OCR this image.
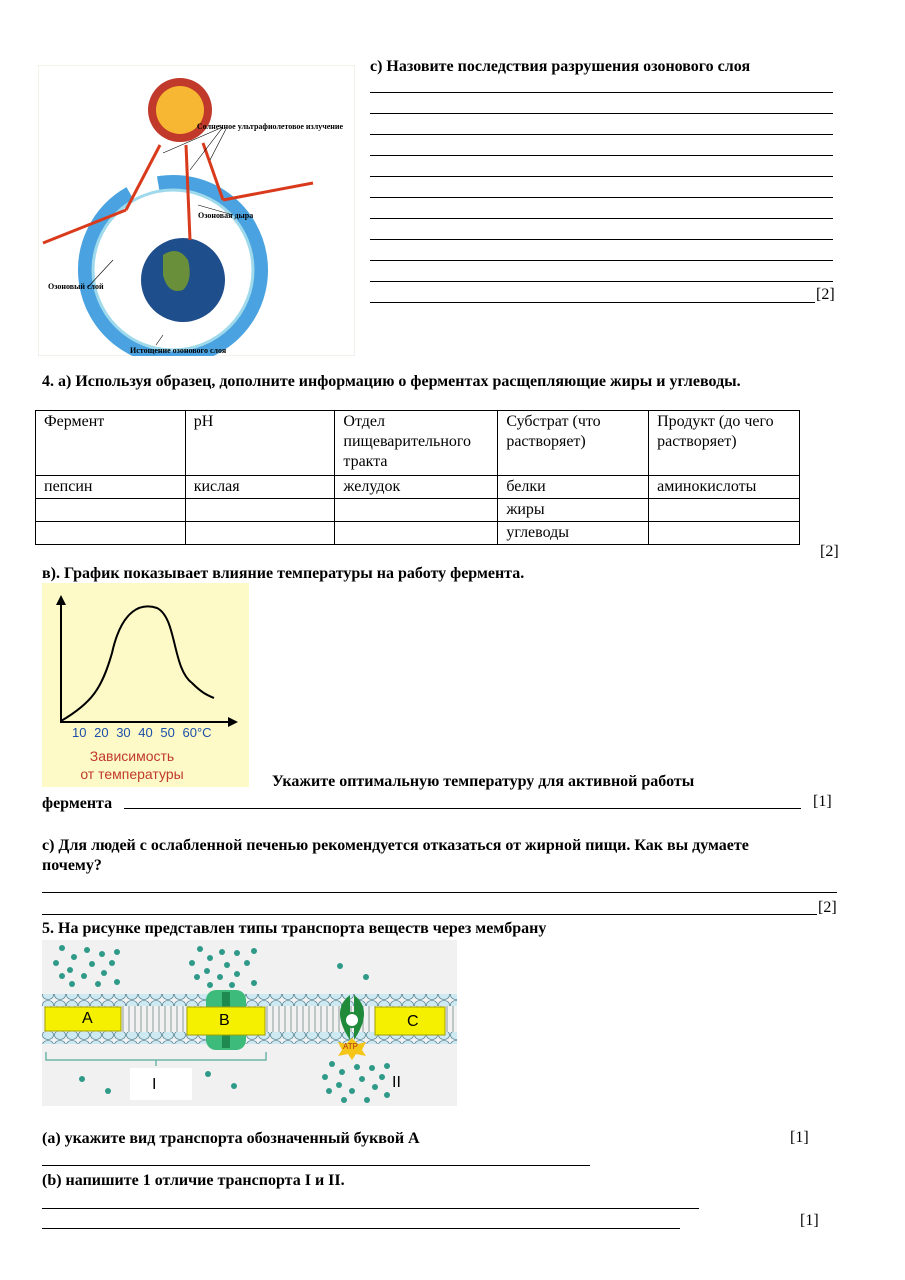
Солнечное ультрафиолетовое излучение
Озоновая дыра
Озоновый слой
Истощение озонового слоя
с) Назовите последствия разрушения озонового слоя
[2]
4. а) Используя образец, дополните информацию о ферментах расщепляющие жиры и углеводы.
Фермент	pH	Отдел пищеварительного тракта	Субстрат (что растворяет)	Продукт (до чего растворяет)
пепсин	кислая	желудок	белки	аминокислоты
			жиры	
			углеводы	
[2]
в). График показывает влияние температуры на работу фермента.
10 20 30 40 50 60°C
Зависимость
от температуры	Укажите оптимальную температуру для активной работы
фермента	[1]
с) Для людей с ослабленной печенью рекомендуется отказаться от жирной пищи. Как вы думаете почему?
[2]
5. На рисунке представлен типы транспорта веществ через мембрану
A	B	C
ATP
I	II
(а) укажите вид транспорта обозначенный буквой А	[1]
(b) напишите 1 отличие транспорта I и II.
[1]
